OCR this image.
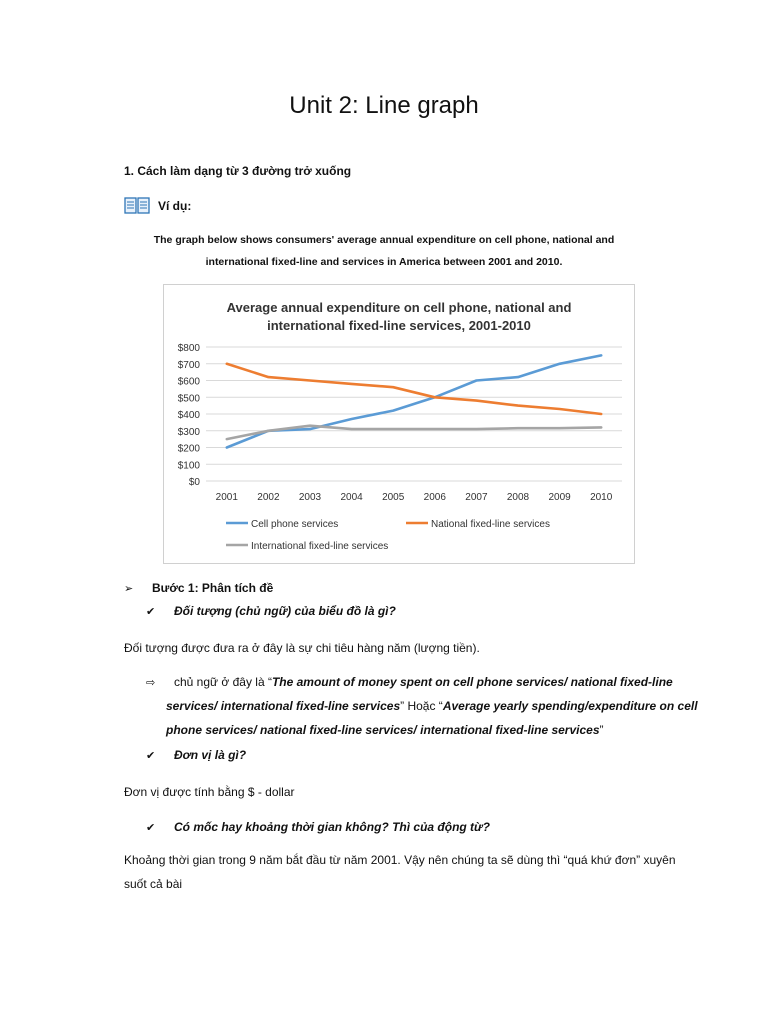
Unit 2: Line graph
1. Cách làm dạng từ 3 đường trở xuống
Ví dụ:
The graph below shows consumers' average annual expenditure on cell phone, national and
international fixed-line and services in America between 2001 and 2010.
Average annual expenditure on cell phone, national and
international fixed-line services, 2001-2010
$0
$100
$200
$300
$400
$500
$600
$700
$800
2001 2002 2003 2004 2005 2006 2007 2008 2009 2010
Cell phone services	National fixed-line services
International fixed-line services
➢ Bước 1: Phân tích đề
✔ Đối tượng (chủ ngữ) của biểu đồ là gì?
Đối tượng được đưa ra ở đây là sự chi tiêu hàng năm (lượng tiền).
⇨ chủ ngữ ở đây là “The amount of money spent on cell phone services/ national fixed-line
services/ international fixed-line services” Hoặc “Average yearly spending/expenditure on cell
phone services/ national fixed-line services/ international fixed-line services”
✔ Đơn vị là gì?
Đơn vị được tính bằng $ - dollar
✔ Có mốc hay khoảng thời gian không? Thì của động từ?
Khoảng thời gian trong 9 năm bắt đầu từ năm 2001. Vậy nên chúng ta sẽ dùng thì “quá khứ đơn” xuyên
suốt cả bài
